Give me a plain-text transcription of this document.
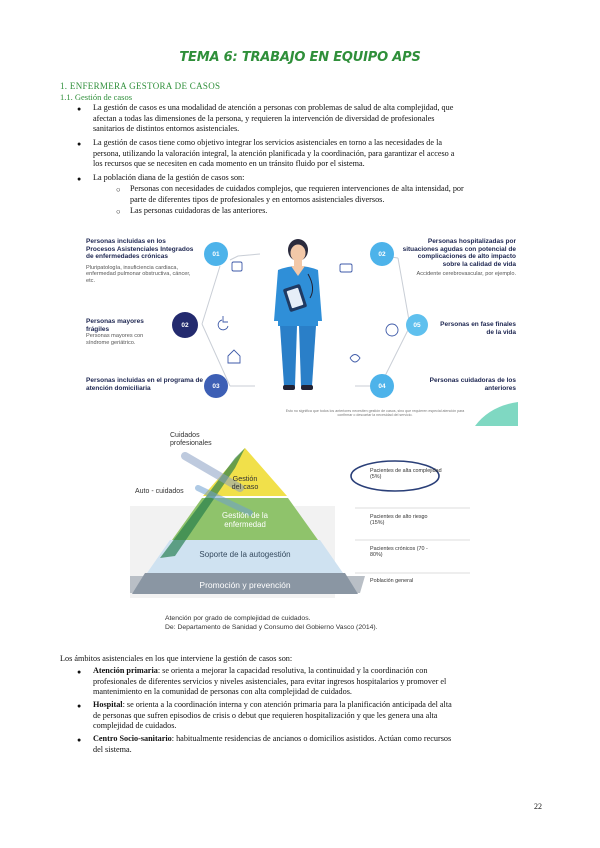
TEMA 6: TRABAJO EN EQUIPO APS
1. ENFERMERA GESTORA DE CASOS
1.1. Gestión de casos
● La gestión de casos es una modalidad de atención a personas con problemas de salud de alta complejidad, que
afectan a todas las dimensiones de la persona, y requieren la intervención de diversidad de profesionales
sanitarios de distintos entornos asistenciales.
● La gestión de casos tiene como objetivo integrar los servicios asistenciales en torno a las necesidades de la
persona, utilizando la valoración integral, la atención planificada y la coordinación, para garantizar el acceso a
los recursos que se necesiten en cada momento en un tránsito fluido por el sistema.
● La población diana de la gestión de casos son:
○ Personas con necesidades de cuidados complejos, que requieren intervenciones de alta intensidad, por
parte de diferentes tipos de profesionales y en entornos asistenciales diversos.
○ Las personas cuidadoras de las anteriores.
01	02
02	05
03	04
Personas incluidas en los Procesos Asistenciales Integrados de enfermedades crónicas
Pluripatología, insuficiencia cardiaca, enfermedad pulmonar obstructiva, cáncer, etc.
Personas mayores frágiles
Personas mayores con síndrome geriátrico.
Personas incluidas en el programa de atención domiciliaria
Personas hospitalizadas por situaciones agudas con potencial de complicaciones de alto impacto sobre la calidad de vida
Accidente cerebrovascular, por ejemplo.
Personas en fase finales de la vida
Personas cuidadoras de los anteriores
Esto no significa que todos los anteriores necesiten gestión de casos, sino que requieren especial atención para confirmar o descartar la necesidad del servicio.
Cuidados profesionales
Auto - cuidados
Gestión del caso
Gestión de la enfermedad
Soporte de la autogestión
Promoción y prevención
Pacientes de alta complejidad (5%)
Pacientes de alto riesgo (15%)
Pacientes crónicos (70 - 80%)
Población general
Atención por grado de complejidad de cuidados.
De: Departamento de Sanidad y Consumo del Gobierno Vasco (2014).
Los ámbitos asistenciales en los que interviene la gestión de casos son:
● Atención primaria: se orienta a mejorar la capacidad resolutiva, la continuidad y la coordinación con
profesionales de diferentes servicios y niveles asistenciales, para evitar ingresos hospitalarios y promover el
mantenimiento en la comunidad de personas con alta complejidad de cuidados.
● Hospital: se orienta a la coordinación interna y con atención primaria para la planificación anticipada del alta
de personas que sufren episodios de crisis o debut que requieren hospitalización y que les genera una alta
complejidad de cuidados.
● Centro Socio-sanitario: habitualmente residencias de ancianos o domicilios asistidos. Actúan como recursos
del sistema.
22
